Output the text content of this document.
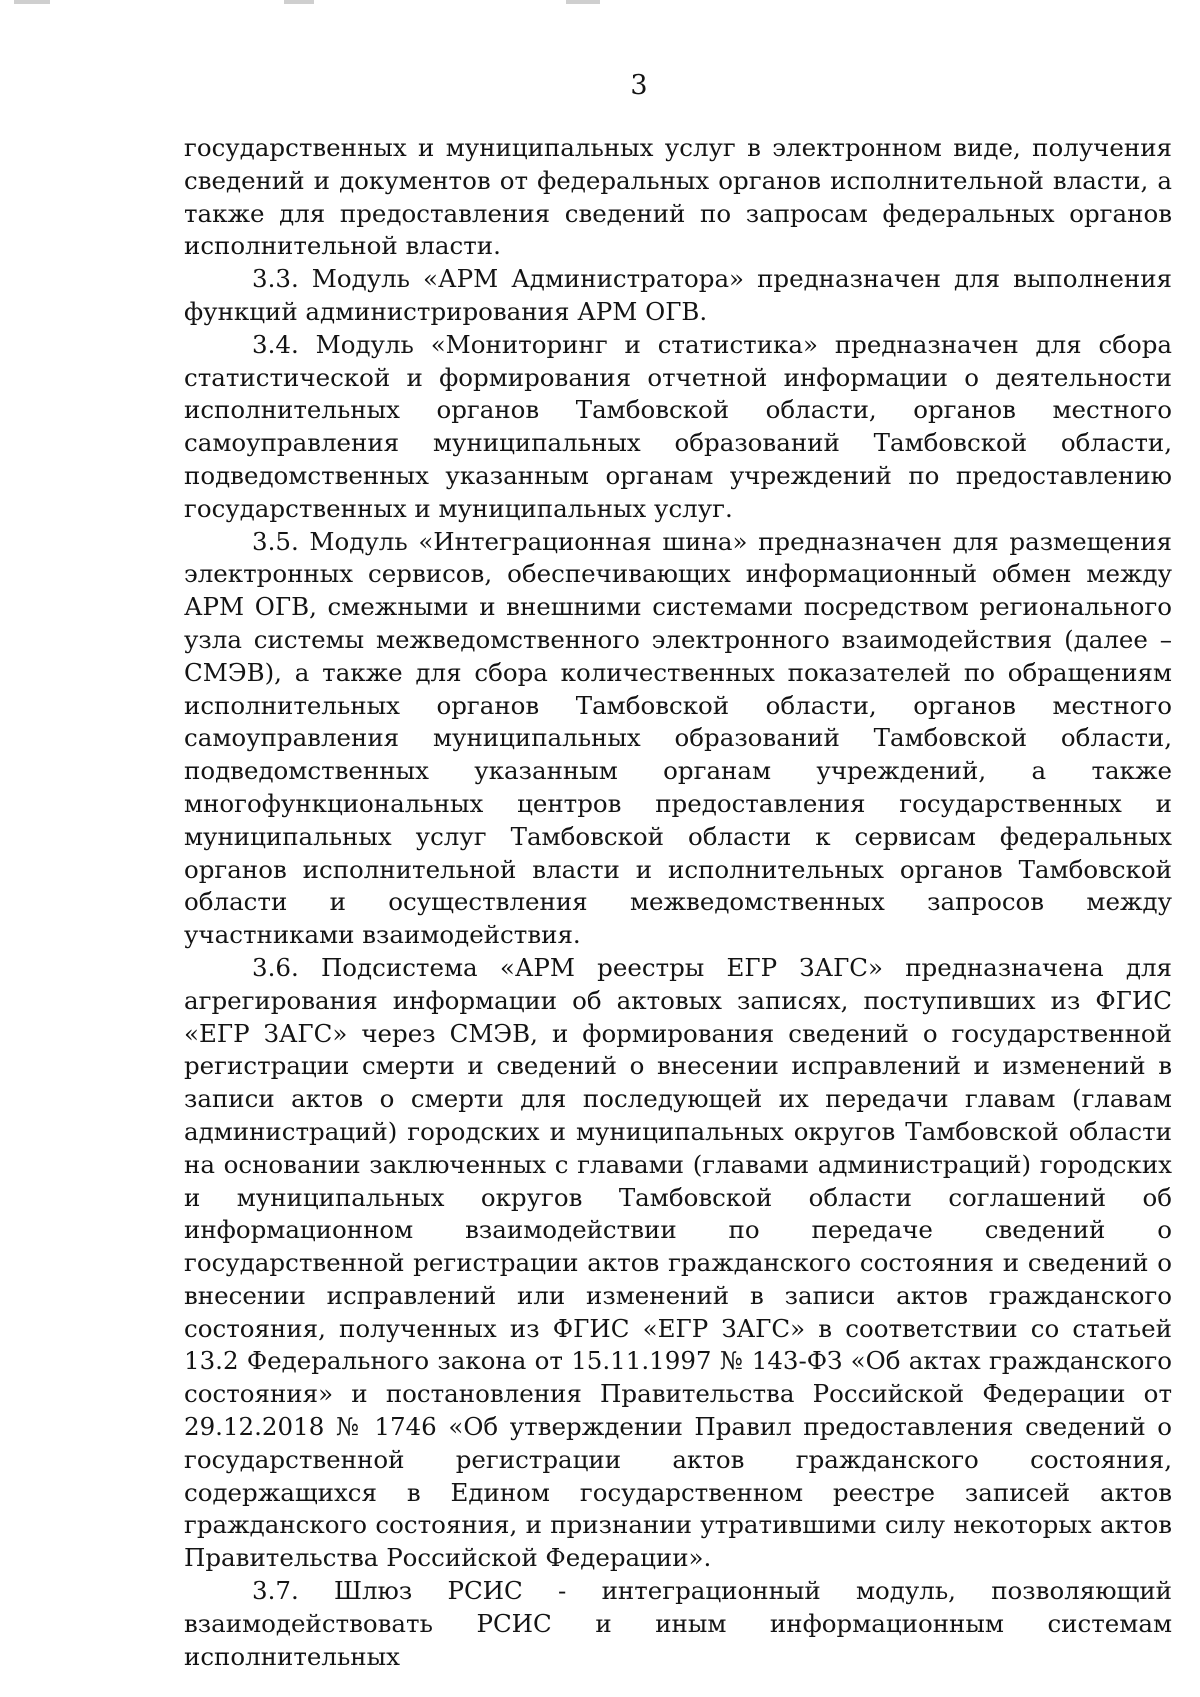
3

государственных и муниципальных услуг в электронном виде, получения сведений и документов от федеральных органов исполнительной власти, а также для предоставления сведений по запросам федеральных органов исполнительной власти.

3.3. Модуль «АРМ Администратора» предназначен для выполнения функций администрирования АРМ ОГВ.

3.4. Модуль «Мониторинг и статистика» предназначен для сбора статистической и формирования отчетной информации о деятельности исполнительных органов Тамбовской области, органов местного самоуправления муниципальных образований Тамбовской области, подведомственных указанным органам учреждений по предоставлению государственных и муниципальных услуг.

3.5. Модуль «Интеграционная шина» предназначен для размещения электронных сервисов, обеспечивающих информационный обмен между АРМ ОГВ, смежными и внешними системами посредством регионального узла системы межведомственного электронного взаимодействия (далее – СМЭВ), а также для сбора количественных показателей по обращениям исполнительных органов Тамбовской области, органов местного самоуправления муниципальных образований Тамбовской области, подведомственных указанным органам учреждений, а также многофункциональных центров предоставления государственных и муниципальных услуг Тамбовской области к сервисам федеральных органов исполнительной власти и исполнительных органов Тамбовской области и осуществления межведомственных запросов между участниками взаимодействия.

3.6. Подсистема «АРМ реестры ЕГР ЗАГС» предназначена для агрегирования информации об актовых записях, поступивших из ФГИС «ЕГР ЗАГС» через СМЭВ, и формирования сведений о государственной регистрации смерти и сведений о внесении исправлений и изменений в записи актов о смерти для последующей их передачи главам (главам администраций) городских и муниципальных округов Тамбовской области на основании заключенных с главами (главами администраций) городских и муниципальных округов Тамбовской области соглашений об информационном взаимодействии по передаче сведений о государственной регистрации актов гражданского состояния и сведений о внесении исправлений или изменений в записи актов гражданского состояния, полученных из ФГИС «ЕГР ЗАГС» в соответствии со статьей 13.2 Федерального закона от 15.11.1997 № 143-ФЗ «Об актах гражданского состояния» и постановления Правительства Российской Федерации от 29.12.2018 № 1746 «Об утверждении Правил предоставления сведений о государственной регистрации актов гражданского состояния, содержащихся в Едином государственном реестре записей актов гражданского состояния, и признании утратившими силу некоторых актов Правительства Российской Федерации».

3.7. Шлюз РСИС - интеграционный модуль, позволяющий взаимодействовать РСИС и иным информационным системам исполнительных
